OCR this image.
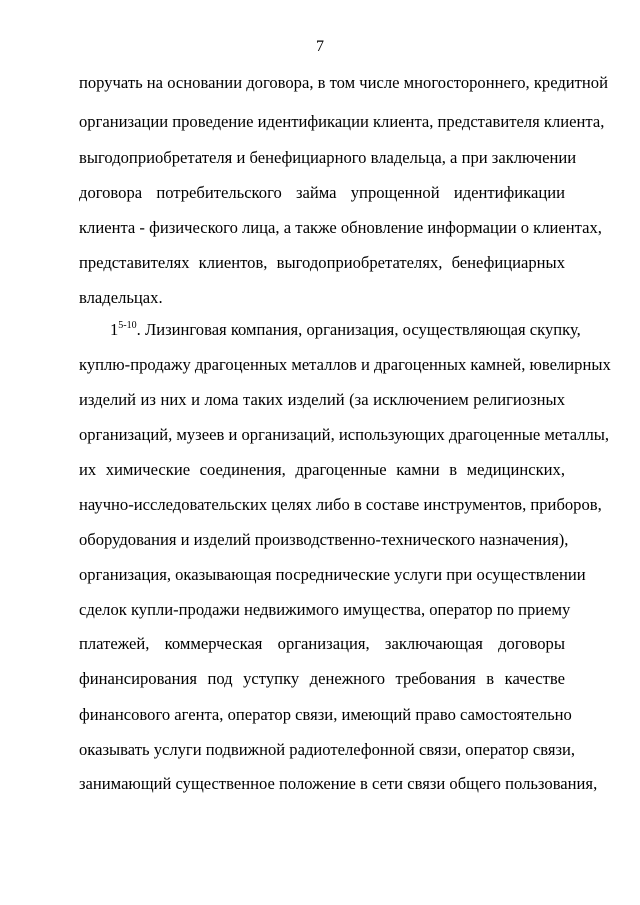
7
поручать на основании договора, в том числе многостороннего, кредитной
организации проведение идентификации клиента, представителя клиента,
выгодоприобретателя и бенефициарного владельца, а при заключении
договора потребительского займа упрощенной идентификации
клиента - физического лица, а также обновление информации о клиентах,
представителях клиентов, выгодоприобретателях, бенефициарных
владельцах.
1$^{5-10}$. Лизинговая компания, организация, осуществляющая скупку,
куплю-продажу драгоценных металлов и драгоценных камней, ювелирных
изделий из них и лома таких изделий (за исключением религиозных
организаций, музеев и организаций, использующих драгоценные металлы,
их химические соединения, драгоценные камни в медицинских,
научно-исследовательских целях либо в составе инструментов, приборов,
оборудования и изделий производственно-технического назначения),
организация, оказывающая посреднические услуги при осуществлении
сделок купли-продажи недвижимого имущества, оператор по приему
платежей, коммерческая организация, заключающая договоры
финансирования под уступку денежного требования в качестве
финансового агента, оператор связи, имеющий право самостоятельно
оказывать услуги подвижной радиотелефонной связи, оператор связи,
занимающий существенное положение в сети связи общего пользования,
